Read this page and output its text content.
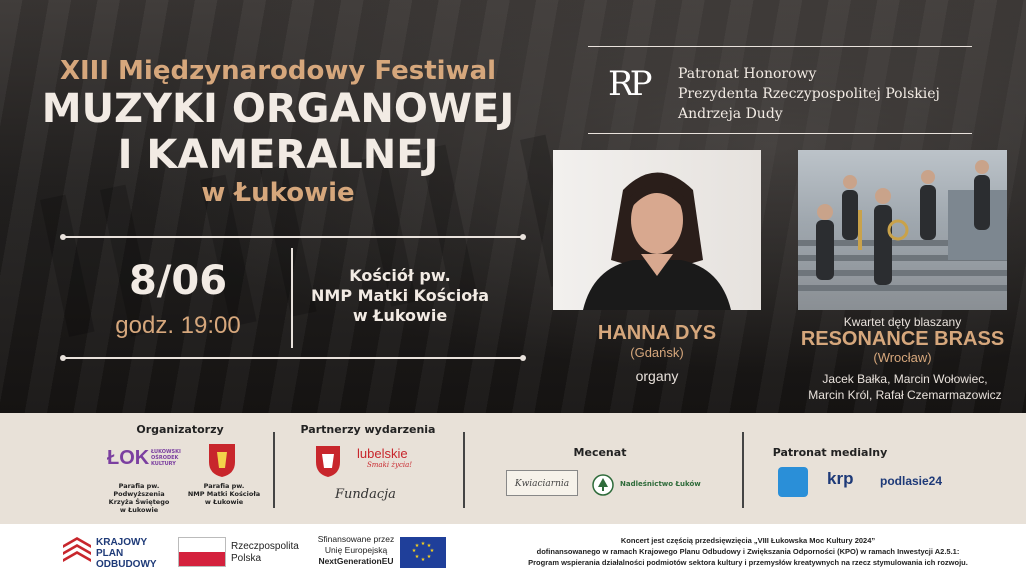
XIII Międzynarodowy Festiwal
MUZYKI ORGANOWEJ
I KAMERALNEJ
w Łukowie
8/06
godz. 19:00
Kościół pw.
NMP Matki Kościoła
w Łukowie
RP Patronat Honorowy
Prezydenta Rzeczypospolitej Polskiej
Andrzeja Dudy
HANNA DYS
(Gdańsk)
organy
Kwartet dęty blaszany
RESONANCE BRASS
(Wrocław)
Jacek Bałka, Marcin Wołowiec,
Marcin Król, Rafał Czemarmazowicz
Organizatorzy
ŁOK ŁUKOWSKI
OŚRODEK
KULTURY
Parafia pw.
Podwyższenia
Krzyża Świętego
w Łukowie
Parafia pw.
NMP Matki Kościoła
w Łukowie
Partnerzy wydarzenia
lubelskie
Smaki życia!
Fundacja
Mecenat
Kwiaciarnia	Nadleśnictwo Łuków
Patronat medialny
krp podlasie24
KRAJOWY
PLAN
ODBUDOWY
Rzeczpospolita
Polska
Sfinansowane przez
Unię Europejską
NextGenerationEU
★ ★
★
★
★
★
★
★
Koncert jest częścią przedsięwzięcia „VIII Łukowska Moc Kultury 2024”
dofinansowanego w ramach Krajowego Planu Odbudowy i Zwiększania Odporności (KPO) w ramach Inwestycji A2.5.1:
Program wspierania działalności podmiotów sektora kultury i przemysłów kreatywnych na rzecz stymulowania ich rozwoju.
